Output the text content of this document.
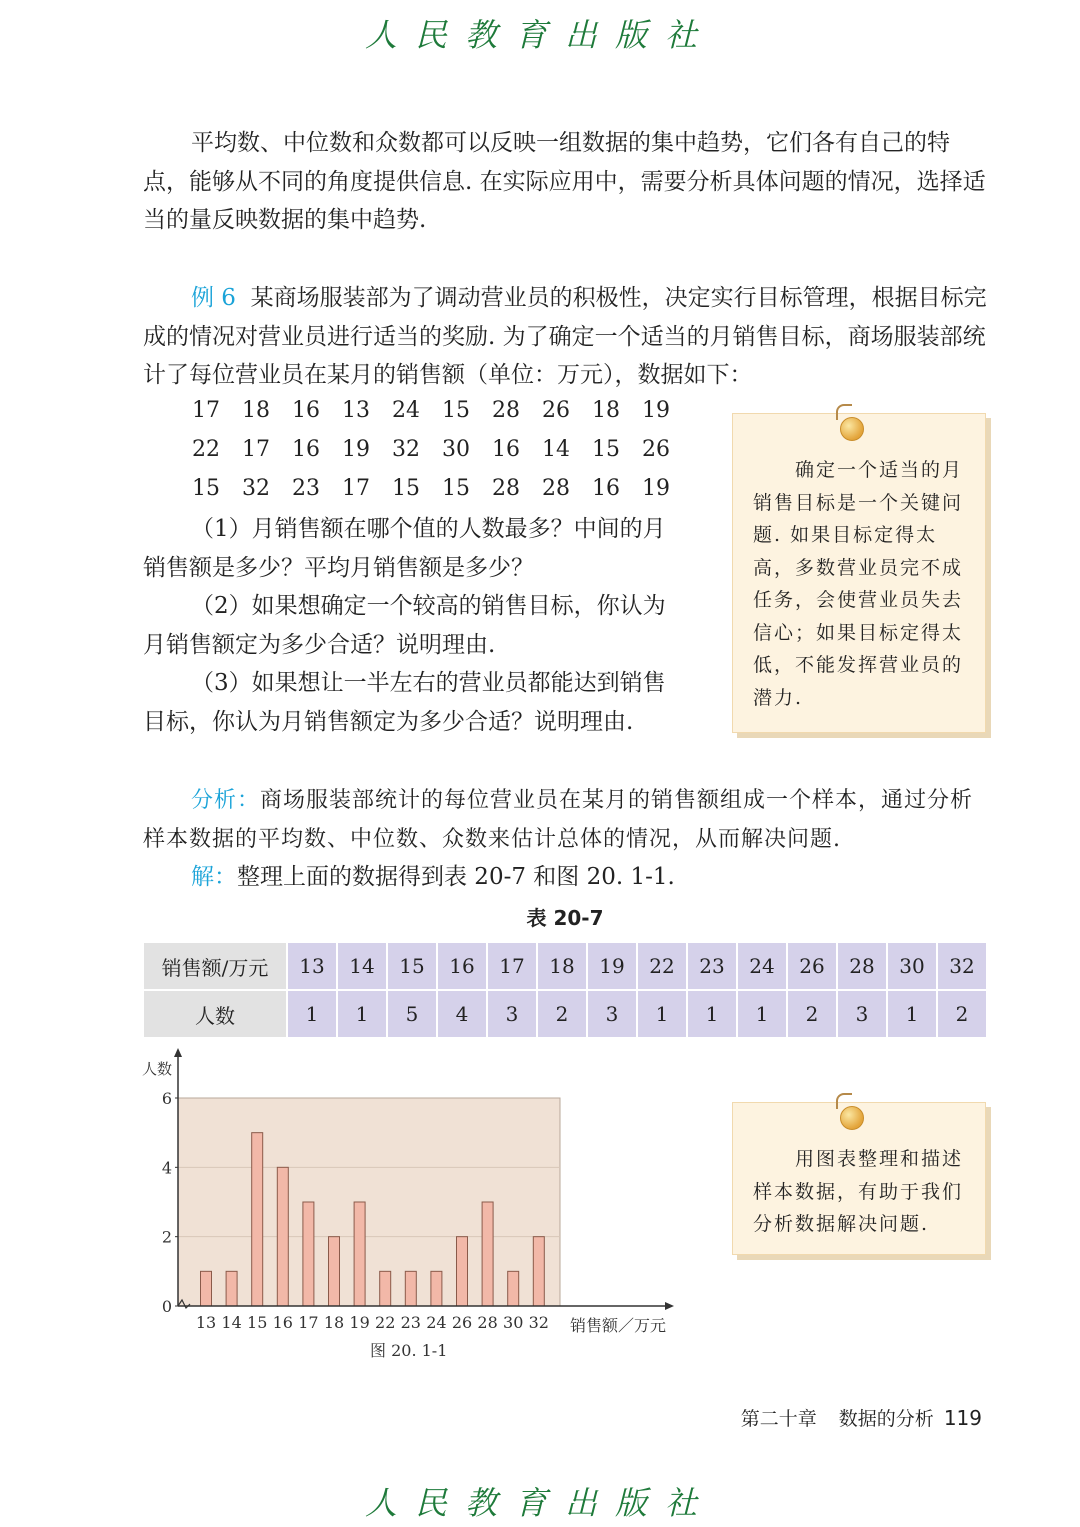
人民教育出版社

平均数、中位数和众数都可以反映一组数据的集中趋势，它们各有自己的特点，能够从不同的角度提供信息. 在实际应用中，需要分析具体问题的情况，选择适当的量反映数据的集中趋势.

例 6 某商场服装部为了调动营业员的积极性，决定实行目标管理，根据目标完成的情况对营业员进行适当的奖励. 为了确定一个适当的月销售目标，商场服装部统计了每位营业员在某月的销售额（单位：万元），数据如下：

17 18 16 13 24 15 28 26 18 19
22 17 16 19 32 30 16 14 15 26
15 32 23 17 15 15 28 28 16 19

（1）月销售额在哪个值的人数最多？中间的月销售额是多少？平均月销售额是多少？

（2）如果想确定一个较高的销售目标，你认为月销售额定为多少合适？说明理由.

（3）如果想让一半左右的营业员都能达到销售目标，你认为月销售额定为多少合适？说明理由.

确定一个适当的月销售目标是一个关键问题. 如果目标定得太高，多数营业员完不成任务，会使营业员失去信心；如果目标定得太低，不能发挥营业员的潜力.

分析：商场服装部统计的每位营业员在某月的销售额组成一个样本，通过分析样本数据的平均数、中位数、众数来估计总体的情况，从而解决问题.

解：整理上面的数据得到表 20-7 和图 20. 1-1.

表 20-7
销售额/万元	13	14	15	16	17	18	19	22	23	24	26	28	30	32
人数	1	1	5	4	3	2	3	1	1	1	2	3	1	2
人数
销售额／万元
0
2
4
6
13 14 15 16 17 18 19 22 23 24 26 28 30 32
图 20. 1-1

用图表整理和描述样本数据，有助于我们分析数据解决问题.

第二十章 数据的分析 119
人民教育出版社
